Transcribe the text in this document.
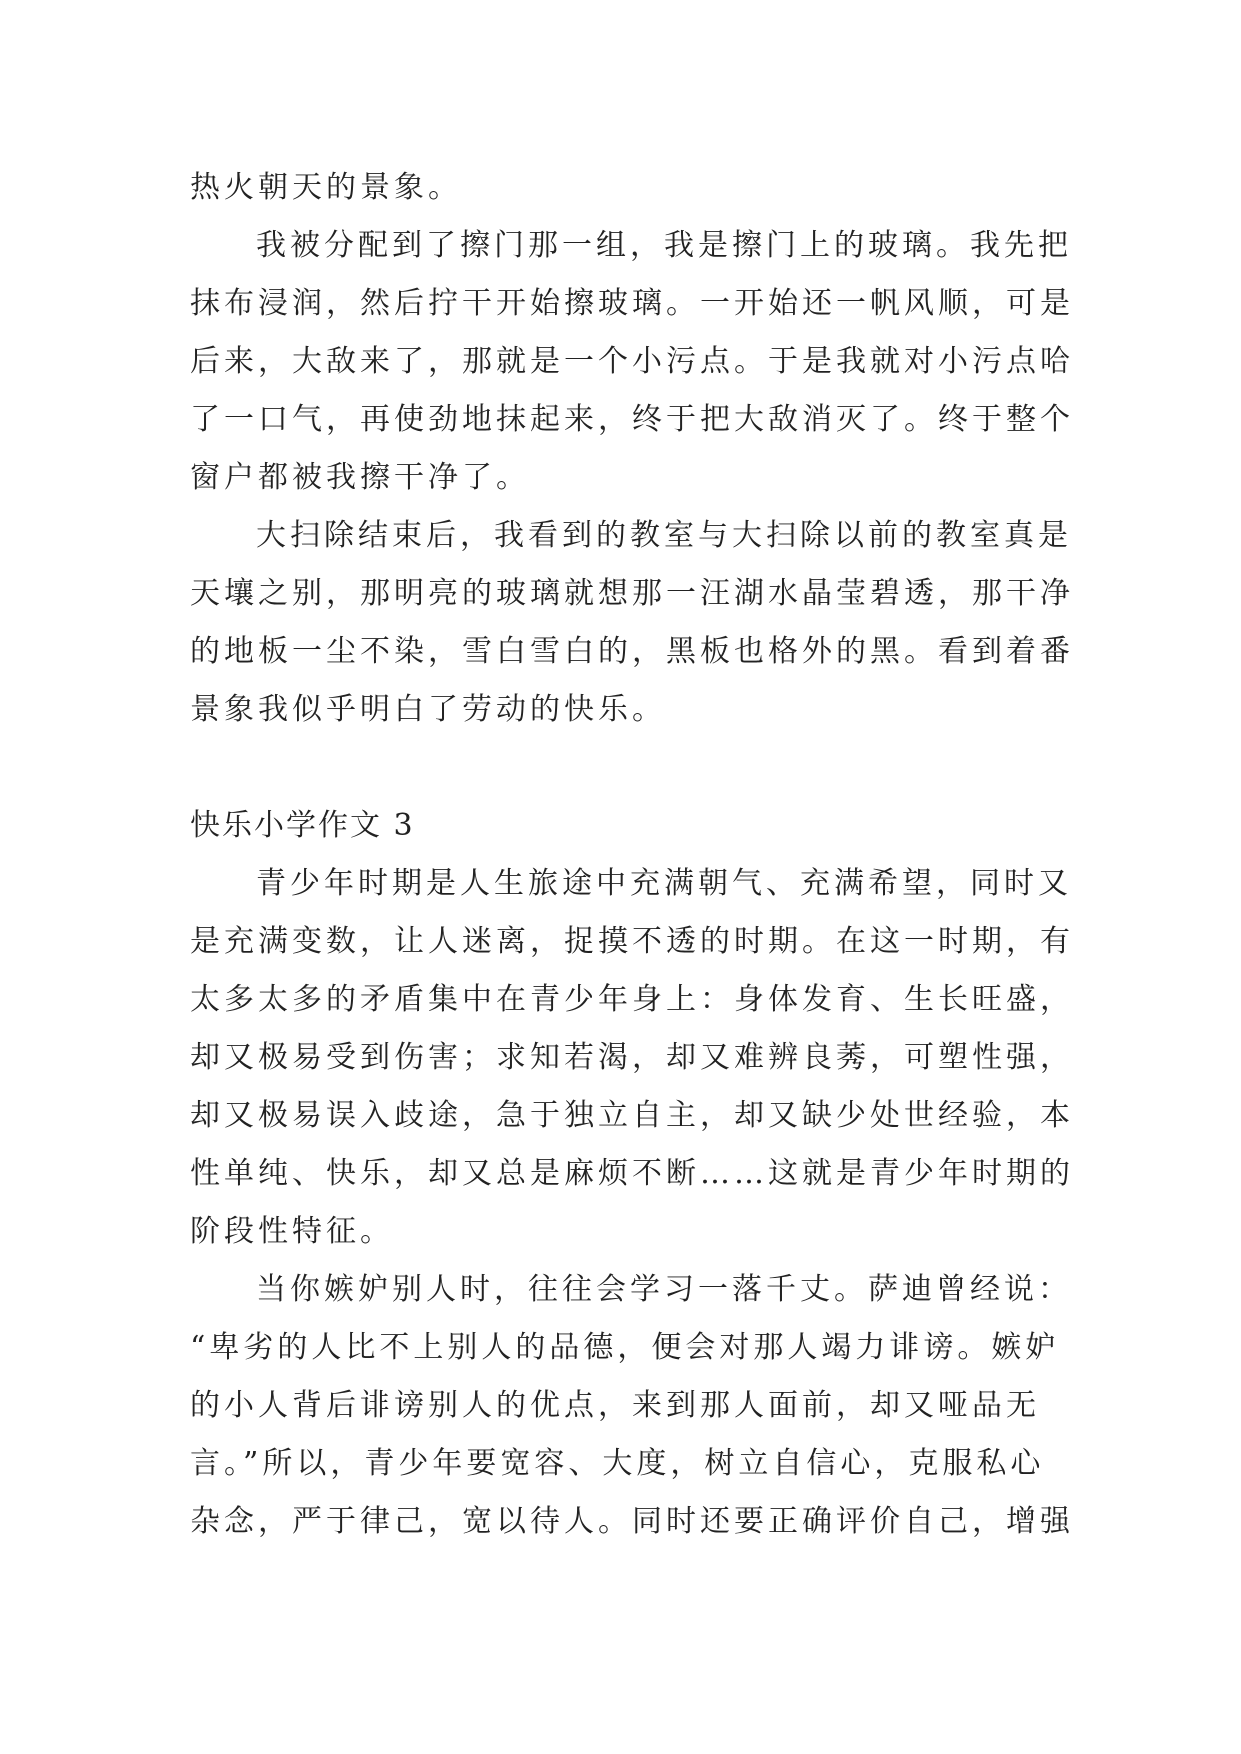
热火朝天的景象。
我被分配到了擦门那一组，我是擦门上的玻璃。我先把
抹布浸润，然后拧干开始擦玻璃。一开始还一帆风顺，可是
后来，大敌来了，那就是一个小污点。于是我就对小污点哈
了一口气，再使劲地抹起来，终于把大敌消灭了。终于整个
窗户都被我擦干净了。
大扫除结束后，我看到的教室与大扫除以前的教室真是
天壤之别，那明亮的玻璃就想那一汪湖水晶莹碧透，那干净
的地板一尘不染，雪白雪白的，黑板也格外的黑。看到着番
景象我似乎明白了劳动的快乐。
快乐小学作文 3
青少年时期是人生旅途中充满朝气、充满希望，同时又
是充满变数，让人迷离，捉摸不透的时期。在这一时期，有
太多太多的矛盾集中在青少年身上：身体发育、生长旺盛，
却又极易受到伤害；求知若渴，却又难辨良莠，可塑性强，
却又极易误入歧途，急于独立自主，却又缺少处世经验，本
性单纯、快乐，却又总是麻烦不断……这就是青少年时期的
阶段性特征。
当你嫉妒别人时，往往会学习一落千丈。萨迪曾经说：
“卑劣的人比不上别人的品德，便会对那人竭力诽谤。嫉妒
的小人背后诽谤别人的优点，来到那人面前，却又哑品无
言。”所以，青少年要宽容、大度，树立自信心，克服私心
杂念，严于律己，宽以待人。同时还要正确评价自己，增强
